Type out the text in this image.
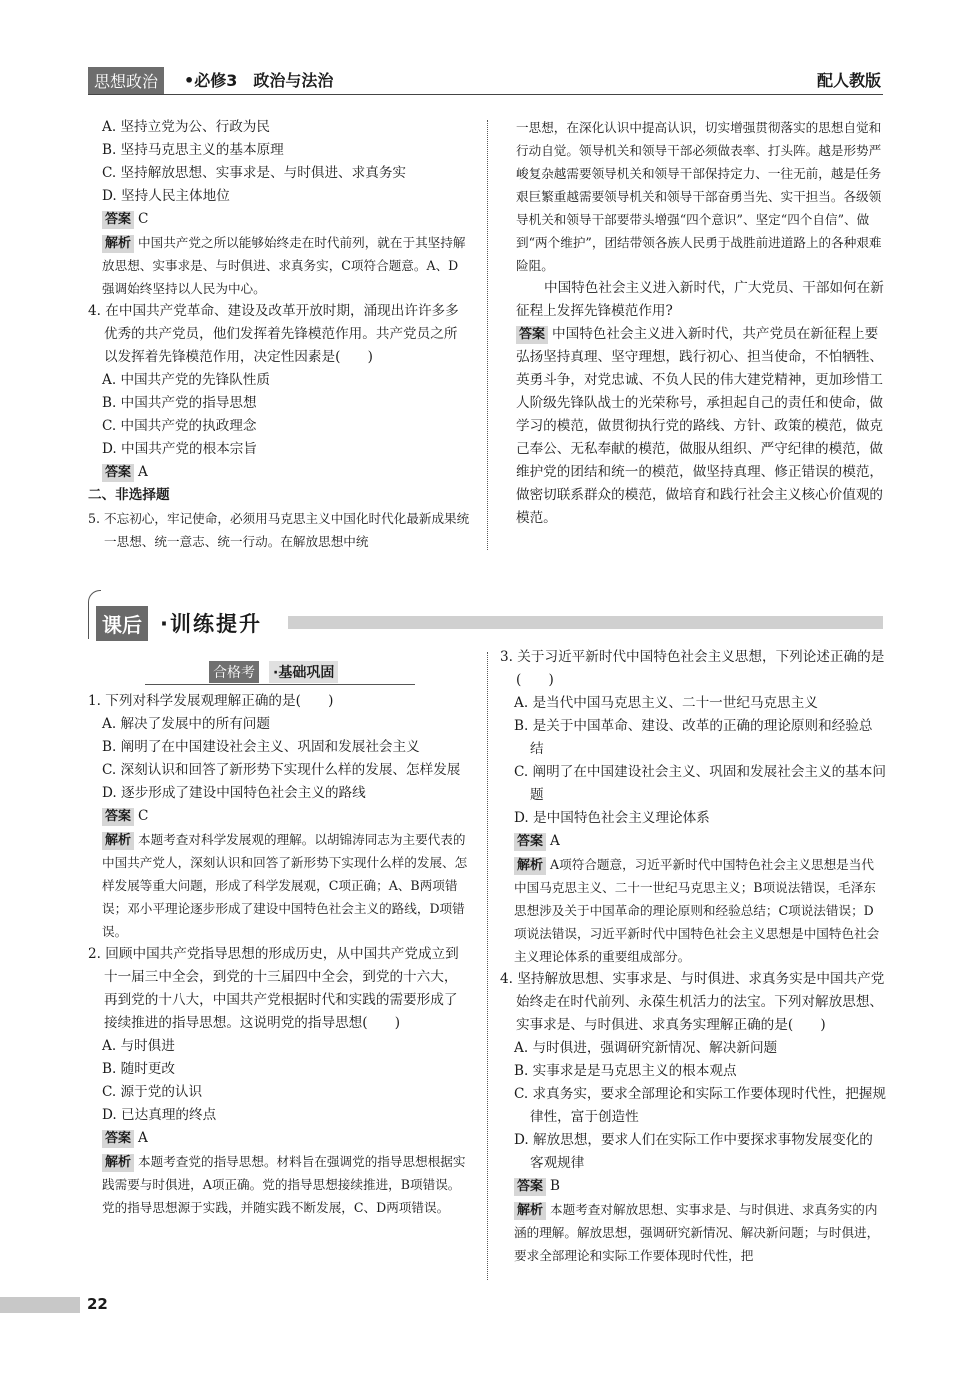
思想政治	•必修3　政治与法治	配人教版

A. 坚持立党为公、行政为民

B. 坚持马克思主义的基本原理

C. 坚持解放思想、实事求是、与时俱进、求真务实

D. 坚持人民主体地位

答案 C

解析 中国共产党之所以能够始终走在时代前列，就在于其坚持解放思想、实事求是、与时俱进、求真务实，C项符合题意。A、D强调始终坚持以人民为中心。

4. 在中国共产党革命、建设及改革开放时期，涌现出许许多多优秀的共产党员，他们发挥着先锋模范作用。共产党员之所以发挥着先锋模范作用，决定性因素是(　　)

A. 中国共产党的先锋队性质

B. 中国共产党的指导思想

C. 中国共产党的执政理念

D. 中国共产党的根本宗旨

答案 A

二、非选择题

5. 不忘初心，牢记使命，必须用马克思主义中国化时代化最新成果统一思想、统一意志、统一行动。在解放思想中统

一思想，在深化认识中提高认识，切实增强贯彻落实的思想自觉和行动自觉。领导机关和领导干部必须做表率、打头阵。越是形势严峻复杂越需要领导机关和领导干部保持定力、一往无前，越是任务艰巨繁重越需要领导机关和领导干部奋勇当先、实干担当。各级领导机关和领导干部要带头增强“四个意识”、坚定“四个自信”、做到“两个维护”，团结带领各族人民勇于战胜前进道路上的各种艰难险阻。

中国特色社会主义进入新时代，广大党员、干部如何在新征程上发挥先锋模范作用?

答案 中国特色社会主义进入新时代，共产党员在新征程上要弘扬坚持真理、坚守理想，践行初心、担当使命，不怕牺牲、英勇斗争，对党忠诚、不负人民的伟大建党精神，更加珍惜工人阶级先锋队战士的光荣称号，承担起自己的责任和使命，做学习的模范，做贯彻执行党的路线、方针、政策的模范，做克己奉公、无私奉献的模范，做服从组织、严守纪律的模范，做维护党的团结和统一的模范，做坚持真理、修正错误的模范，做密切联系群众的模范，做培育和践行社会主义核心价值观的模范。

课后 ·训练提升
合格考 ·基础巩固

1. 下列对科学发展观理解正确的是(　　)

A. 解决了发展中的所有问题

B. 阐明了在中国建设社会主义、巩固和发展社会主义

C. 深刻认识和回答了新形势下实现什么样的发展、怎样发展

D. 逐步形成了建设中国特色社会主义的路线

答案 C

解析 本题考查对科学发展观的理解。以胡锦涛同志为主要代表的中国共产党人，深刻认识和回答了新形势下实现什么样的发展、怎样发展等重大问题，形成了科学发展观，C项正确；A、B两项错误；邓小平理论逐步形成了建设中国特色社会主义的路线，D项错误。

2. 回顾中国共产党指导思想的形成历史，从中国共产党成立到十一届三中全会，到党的十三届四中全会，到党的十六大，再到党的十八大，中国共产党根据时代和实践的需要形成了接续推进的指导思想。这说明党的指导思想(　　)

A. 与时俱进

B. 随时更改

C. 源于党的认识

D. 已达真理的终点

答案 A

解析 本题考查党的指导思想。材料旨在强调党的指导思想根据实践需要与时俱进，A项正确。党的指导思想接续推进，B项错误。党的指导思想源于实践，并随实践不断发展，C、D两项错误。

3. 关于习近平新时代中国特色社会主义思想，下列论述正确的是(　　)

A. 是当代中国马克思主义、二十一世纪马克思主义

B. 是关于中国革命、建设、改革的正确的理论原则和经验总结

C. 阐明了在中国建设社会主义、巩固和发展社会主义的基本问题

D. 是中国特色社会主义理论体系

答案 A

解析 A项符合题意，习近平新时代中国特色社会主义思想是当代中国马克思主义、二十一世纪马克思主义；B项说法错误，毛泽东思想涉及关于中国革命的理论原则和经验总结；C项说法错误；D项说法错误，习近平新时代中国特色社会主义思想是中国特色社会主义理论体系的重要组成部分。

4. 坚持解放思想、实事求是、与时俱进、求真务实是中国共产党始终走在时代前列、永葆生机活力的法宝。下列对解放思想、实事求是、与时俱进、求真务实理解正确的是(　　)

A. 与时俱进，强调研究新情况、解决新问题

B. 实事求是是马克思主义的根本观点

C. 求真务实，要求全部理论和实际工作要体现时代性，把握规律性，富于创造性

D. 解放思想，要求人们在实际工作中要探求事物发展变化的客观规律

答案 B

解析 本题考查对解放思想、实事求是、与时俱进、求真务实的内涵的理解。解放思想，强调研究新情况、解决新问题；与时俱进，要求全部理论和实际工作要体现时代性，把

22
